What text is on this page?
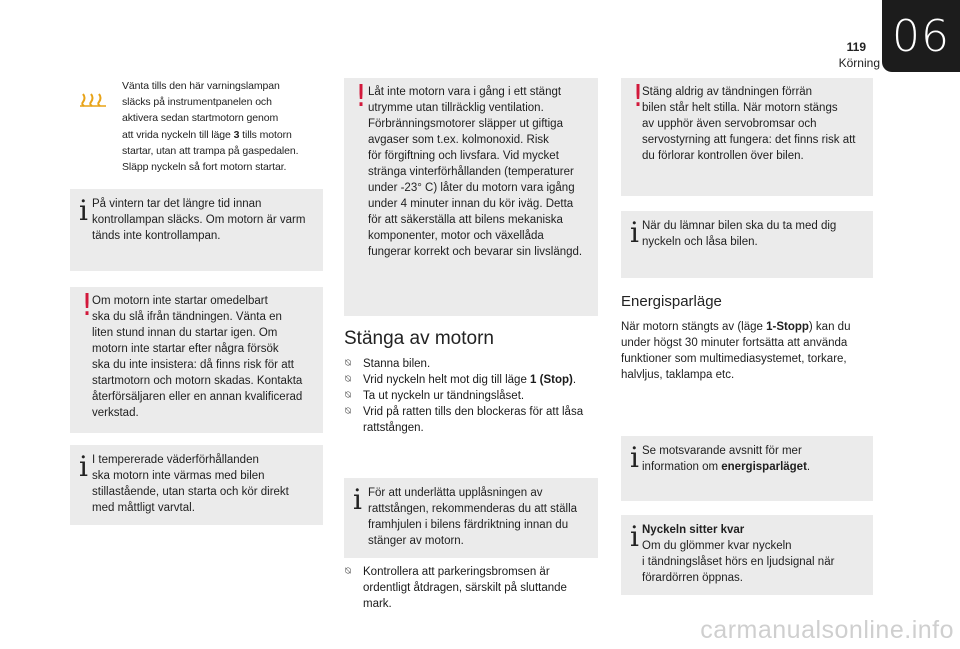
06
119
Körning
Vänta tills den här varningslampan
släcks på instrumentpanelen och
aktivera sedan startmotorn genom
att vrida nyckeln till läge 3 tills motorn
startar, utan att trampa på gaspedalen.
Släpp nyckeln så fort motorn startar.
i På vintern tar det längre tid innan
kontrollampan släcks. Om motorn är varm
tänds inte kontrollampan.
!
Om motorn inte startar omedelbart
ska du slå ifrån tändningen. Vänta en
liten stund innan du startar igen. Om
motorn inte startar efter några försök
ska du inte insistera: då finns risk för att
startmotorn och motorn skadas. Kontakta
återförsäljaren eller en annan kvalificerad
verkstad.
i I tempererade väderförhållanden
ska motorn inte värmas med bilen
stillastående, utan starta och kör direkt
med måttligt varvtal.
! Låt inte motorn vara i gång i ett stängt
utrymme utan tillräcklig ventilation.
Förbränningsmotorer släpper ut giftiga
avgaser som t.ex. kolmonoxid. Risk
för förgiftning och livsfara. Vid mycket
stränga vinterförhållanden (temperaturer
under -23° C) låter du motorn vara igång
under 4 minuter innan du kör iväg. Detta
för att säkerställa att bilens mekaniska
komponenter, motor och växellåda
fungerar korrekt och bevarar sin livslängd.
Stänga av motorn
⍉ Stanna bilen.
⍉ Vrid nyckeln helt mot dig till läge 1 (Stop).
⍉ Ta ut nyckeln ur tändningslåset.
⍉ Vrid på ratten tills den blockeras för att låsa rattstången.
i För att underlätta upplåsningen av
rattstången, rekommenderas du att ställa
framhjulen i bilens färdriktning innan du
stänger av motorn.
⍉ Kontrollera att parkeringsbromsen är
ordentligt åtdragen, särskilt på sluttande
mark.
!
Stäng aldrig av tändningen förrän
bilen står helt stilla. När motorn stängs
av upphör även servobromsar och
servostyrning att fungera: det finns risk att
du förlorar kontrollen över bilen.
i När du lämnar bilen ska du ta med dig
nyckeln och låsa bilen.
Energisparläge
När motorn stängts av (läge 1-Stopp) kan du
under högst 30 minuter fortsätta att använda
funktioner som multimediasystemet, torkare,
halvljus, taklampa etc.
i Se motsvarande avsnitt för mer
information om energisparläget.
i Nyckeln sitter kvar
Om du glömmer kvar nyckeln
i tändningslåset hörs en ljudsignal när
förardörren öppnas.
carmanualsonline.info
